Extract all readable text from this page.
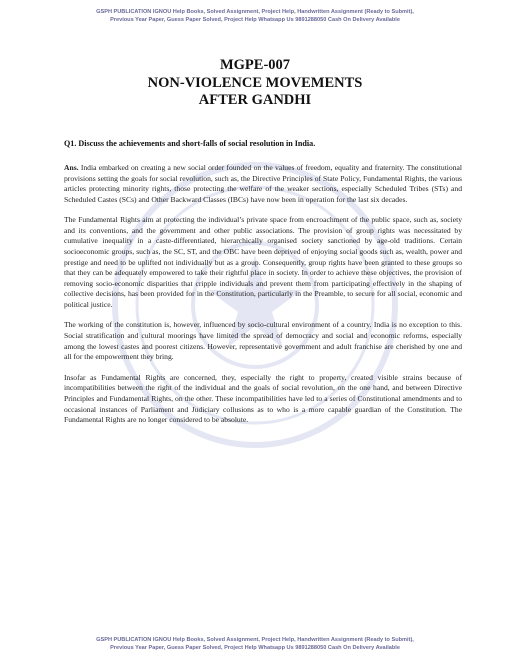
GSPH PUBLICATION IGNOU Help Books, Solved Assignment, Project Help, Handwritten Assignment (Ready to Submit),
Previous Year Paper, Guess Paper Solved, Project Help Whatsapp Us 9891288050 Cash On Delivery Available
MGPE-007
NON-VIOLENCE MOVEMENTS
AFTER GANDHI
Q1. Discuss the achievements and short-falls of social resolution in India.

Ans. India embarked on creating a new social order founded on the values of freedom, equality and fraternity. The constitutional provisions setting the goals for social revolution, such as, the Directive Principles of State Policy, Fundamental Rights, the various articles protecting minority rights, those protecting the welfare of the weaker sections, especially Scheduled Tribes (STs) and Scheduled Castes (SCs) and Other Backward Classes (IBCs) have now been in operation for the last six decades.

The Fundamental Rights aim at protecting the individual’s private space from encroachment of the public space, such as, society and its conventions, and the government and other public associations. The provision of group rights was necessitated by cumulative inequality in a caste-differentiated, hierarchically organised society sanctioned by age-old traditions. Certain socioeconomic groups, such as, the SC, ST, and the OBC have been deprived of enjoying social goods such as, wealth, power and prestige and need to be uplifted not individually but as a group. Consequently, group rights have been granted to these groups so that they can be adequately empowered to take their rightful place in society. In order to achieve these objectives, the provision of removing socio-economic disparities that cripple individuals and prevent them from participating effectively in the shaping of collective decisions, has been provided for in the Constitution, particularly in the Preamble, to secure for all social, economic and political justice.

The working of the constitution is, however, influenced by socio-cultural environment of a country. India is no exception to this. Social stratification and cultural moorings have limited the spread of democracy and social and economic reforms, especially among the lowest castes and poorest citizens. However, representative government and adult franchise are cherished by one and all for the empowerment they bring.

Insofar as Fundamental Rights are concerned, they, especially the right to property, created visible strains because of incompatibilities between the right of the individual and the goals of social revolution, on the one hand, and between Directive Principles and Fundamental Rights, on the other. These incompatibilities have led to a series of Constitutional amendments and to occasional instances of Parliament and Judiciary collusions as to who is a more capable guardian of the Constitution. The Fundamental Rights are no longer considered to be absolute.

GSPH PUBLICATION IGNOU Help Books, Solved Assignment, Project Help, Handwritten Assignment (Ready to Submit),
Previous Year Paper, Guess Paper Solved, Project Help Whatsapp Us 9891288050 Cash On Delivery Available
